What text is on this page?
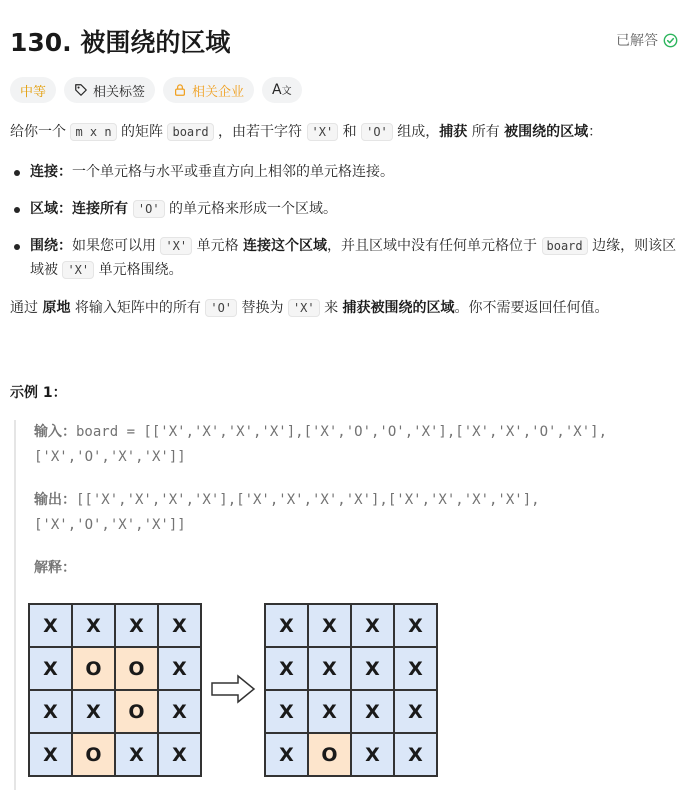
130. 被围绕的区域	已解答
中等	相关标签	相关企业 A文

给你一个 m x n 的矩阵 board ，由若干字符 'X' 和 'O' 组成，捕获 所有 被围绕的区域：

连接：一个单元格与水平或垂直方向上相邻的单元格连接。
区域：连接所有 'O' 的单元格来形成一个区域。
围绕：如果您可以用 'X' 单元格 连接这个区域，并且区域中没有任何单元格位于 board 边缘，则该区域被 'X' 单元格围绕。

通过 原地 将输入矩阵中的所有 'O' 替换为 'X' 来 捕获被围绕的区域。你不需要返回任何值。

示例 1：
输入：board = [['X','X','X','X'],['X','O','O','X'],['X','X','O','X'],
['X','O','X','X']]
输出：[['X','X','X','X'],['X','X','X','X'],['X','X','X','X'],
['X','O','X','X']]
解释：
X	X	X	X
X	O	O	X
X	X	O	X
X	O	X	X
X	X	X	X
X	X	X	X
X	X	X	X
X	O	X	X
